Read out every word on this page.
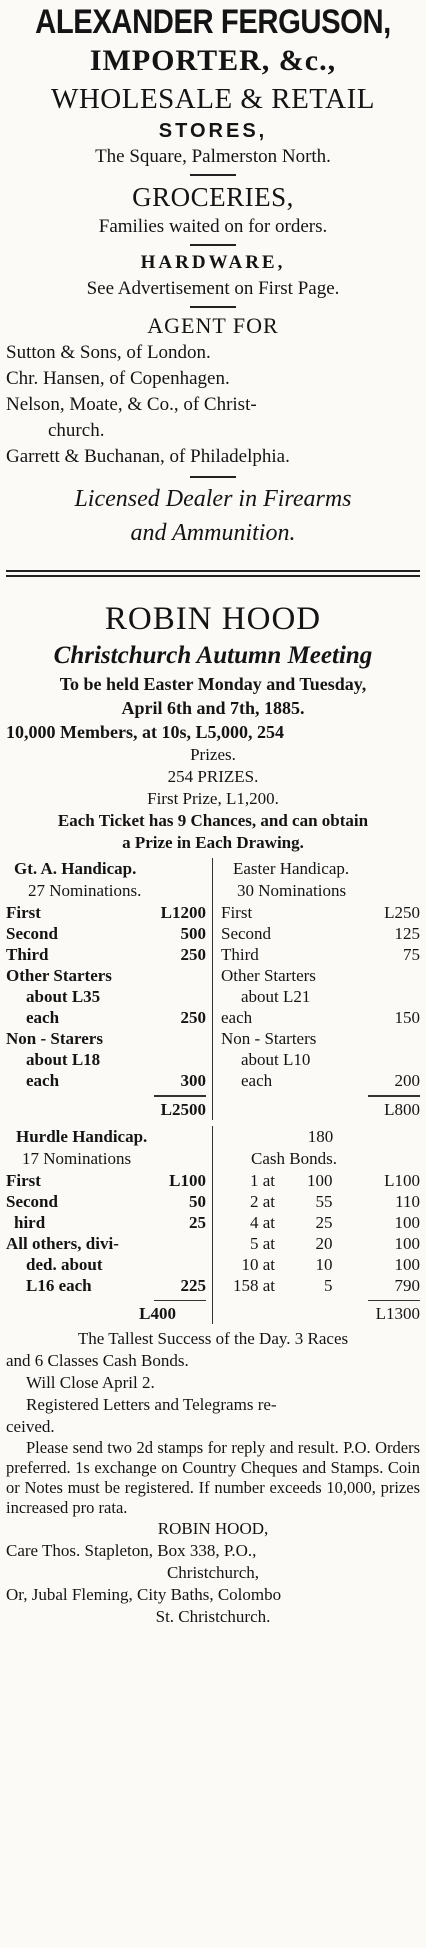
ALEXANDER FERGUSON,
IMPORTER, &c.,
WHOLESALE & RETAIL
STORES,
The Square, Palmerston North.
GROCERIES,
Families waited on for orders.
HARDWARE,
See Advertisement on First Page.
AGENT FOR
Sutton & Sons, of London.
Chr. Hansen, of Copenhagen.
Nelson, Moate, & Co., of Christ-
church.
Garrett & Buchanan, of Philadelphia.
Licensed Dealer in Firearms
and Ammunition.
ROBIN HOOD
Christchurch Autumn Meeting
To be held Easter Monday and Tuesday,
April 6th and 7th, 1885.
10,000 Members, at 10s, L5,000, 254
Prizes.
254 PRIZES.
First Prize, L1,200.
Each Ticket has 9 Chances, and can obtain
a Prize in Each Drawing.
Gt. A. Handicap.
27 Nominations.
First	L1200
Second	500
Third	250
Other Starters
about L35
each	250
Non - Starers
about L18
each	300
L2500
Easter Handicap.
30 Nominations
First	L250
Second	125
Third	75
Other Starters
about L21
each	150
Non - Starters
about L10
each	200
L800
Hurdle Handicap.
17 Nominations
First	L100
Second	50
hird	25
All others, divi-
ded. about
L16 each	225
L400
180
Cash Bonds.
1 at	100	L100
2 at	55	110
4 at	25	100
5 at	20	100
10 at	10	100
158 at	5	790
L1300
The Tallest Success of the Day. 3 Races
and 6 Classes Cash Bonds.
Will Close April 2.
Registered Letters and Telegrams re-
ceived.
Please send two 2d stamps for reply and result. P.O. Orders preferred. 1s exchange on Country Cheques and Stamps. Coin or Notes must be registered. If number exceeds 10,000, prizes increased pro rata.
ROBIN HOOD,
Care Thos. Stapleton, Box 338, P.O.,
Christchurch,
Or, Jubal Fleming, City Baths, Colombo
St. Christchurch.
